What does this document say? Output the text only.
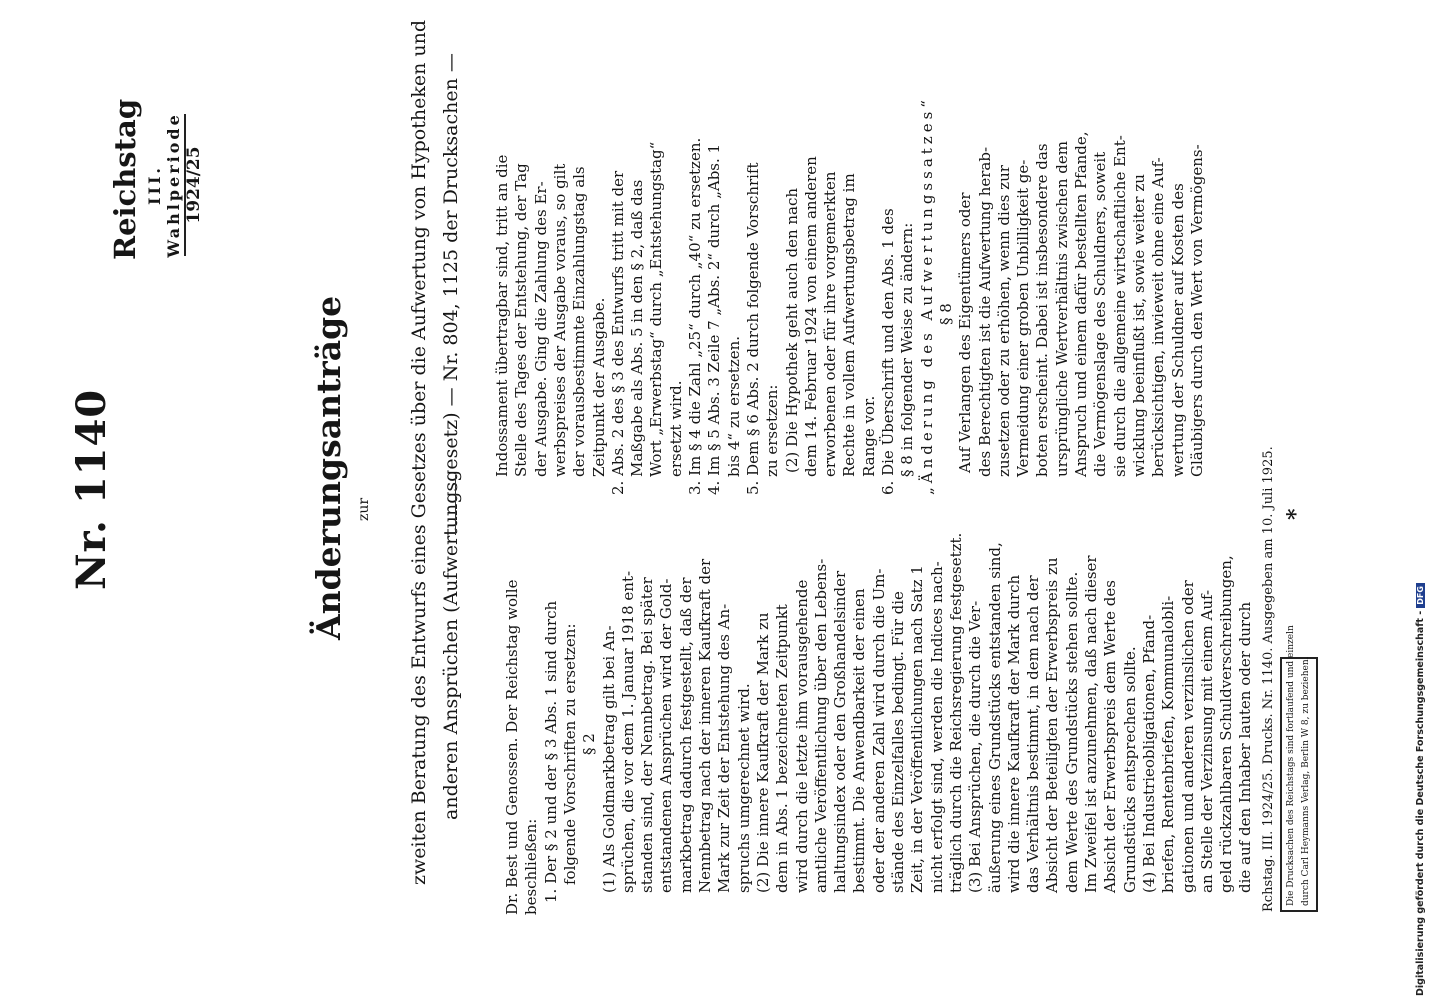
Nr. 1140
Reichstag III. Wahlperiode 1924/25
Änderungsanträge zur zweiten Beratung des Entwurfs eines Gesetzes über die Aufwertung von Hypotheken und anderen Ansprüchen (Aufwertungsgesetz) — Nr. 804, 1125 der Drucksachen —	Dr. Best und Genossen. Der Reichstag wolle beschließen: 1. Der § 2 und der § 3 Abs. 1 sind durch folgende Vorschriften zu ersetzen: § 2 (1) Als Goldmarkbetrag gilt bei An- sprüchen, die vor dem 1. Januar 1918 ent- standen sind, der Nennbetrag. Bei später entstandenen Ansprüchen wird der Gold- markbetrag dadurch festgestellt, daß der Nennbetrag nach der inneren Kaufkraft der Mark zur Zeit der Entstehung des An- spruchs umgerechnet wird. (2) Die innere Kaufkraft der Mark zu dem in Abs. 1 bezeichneten Zeitpunkt wird durch die letzte ihm vorausgehende amtliche Veröffentlichung über den Lebens- haltungsindex oder den Großhandelsinder bestimmt. Die Anwendbarkeit der einen oder der anderen Zahl wird durch die Um- stände des Einzelfalles bedingt. Für die Zeit, in der Veröffentlichungen nach Satz 1 nicht erfolgt sind, werden die Indices nach- träglich durch die Reichsregierung festgesetzt. (3) Bei Ansprüchen, die durch die Ver- äußerung eines Grundstücks entstanden sind, wird die innere Kaufkraft der Mark durch das Verhältnis bestimmt, in dem nach der Absicht der Beteiligten der Erwerbspreis zu dem Werte des Grundstücks stehen sollte. Im Zweifel ist anzunehmen, daß nach dieser Absicht der Erwerbspreis dem Werte des Grundstücks entsprechen sollte. (4) Bei Industrieobligationen, Pfand- briefen, Rentenbriefen, Kommunalobli- gationen und anderen verzinslichen oder an Stelle der Verzinsung mit einem Auf- geld rückzahlbaren Schuldverschreibungen, die auf den Inhaber lauten oder durch
Indossament übertragbar sind, tritt an die Stelle des Tages der Entstehung, der Tag der Ausgabe. Ging die Zahlung des Er- werbspreises der Ausgabe voraus, so gilt der vorausbestimmte Einzahlungstag als Zeitpunkt der Ausgabe. 2. Abs. 2 des § 3 des Entwurfs tritt mit der Maßgabe als Abs. 5 in den § 2, daß das Wort „Erwerbstag“ durch „Entstehungstag“ ersetzt wird. 3. Im § 4 die Zahl „25“ durch „40“ zu ersetzen. 4. Im § 5 Abs. 3 Zeile 7 „Abs. 2“ durch „Abs. 1 bis 4“ zu ersetzen. 5. Dem § 6 Abs. 2 durch folgende Vorschrift zu ersetzen: (2) Die Hypothek geht auch den nach dem 14. Februar 1924 von einem anderen erworbenen oder für ihre vorgemerkten Rechte in vollem Aufwertungsbetrag im Range vor. 6. Die Überschrift und den Abs. 1 des § 8 in folgender Weise zu ändern: „Änderung des Aufwertungssatzes“ § 8 Auf Verlangen des Eigentümers oder des Berechtigten ist die Aufwertung herab- zusetzen oder zu erhöhen, wenn dies zur Vermeidung einer groben Unbilligkeit ge- boten erscheint. Dabei ist insbesondere das ursprüngliche Wertverhältnis zwischen dem Anspruch und einem dafür bestellten Pfande, die Vermögenslage des Schuldners, soweit sie durch die allgemeine wirtschaftliche Ent- wicklung beeinflußt ist, sowie weiter zu berücksichtigen, inwieweit ohne eine Auf- wertung der Schuldner auf Kosten des Gläubigers durch den Wert von Vermögens-
Rchstag. III. 1924/25. Drucks. Nr. 1140. Ausgegeben am 10. Juli 1925. Die Drucksachen des Reichstags sind fortlaufend und einzeln durch Carl Heymanns Verlag, Berlin W 8, zu beziehen.
*
Digitalisierung gefördert durch die Deutsche Forschungsgemeinschaft -DFG
